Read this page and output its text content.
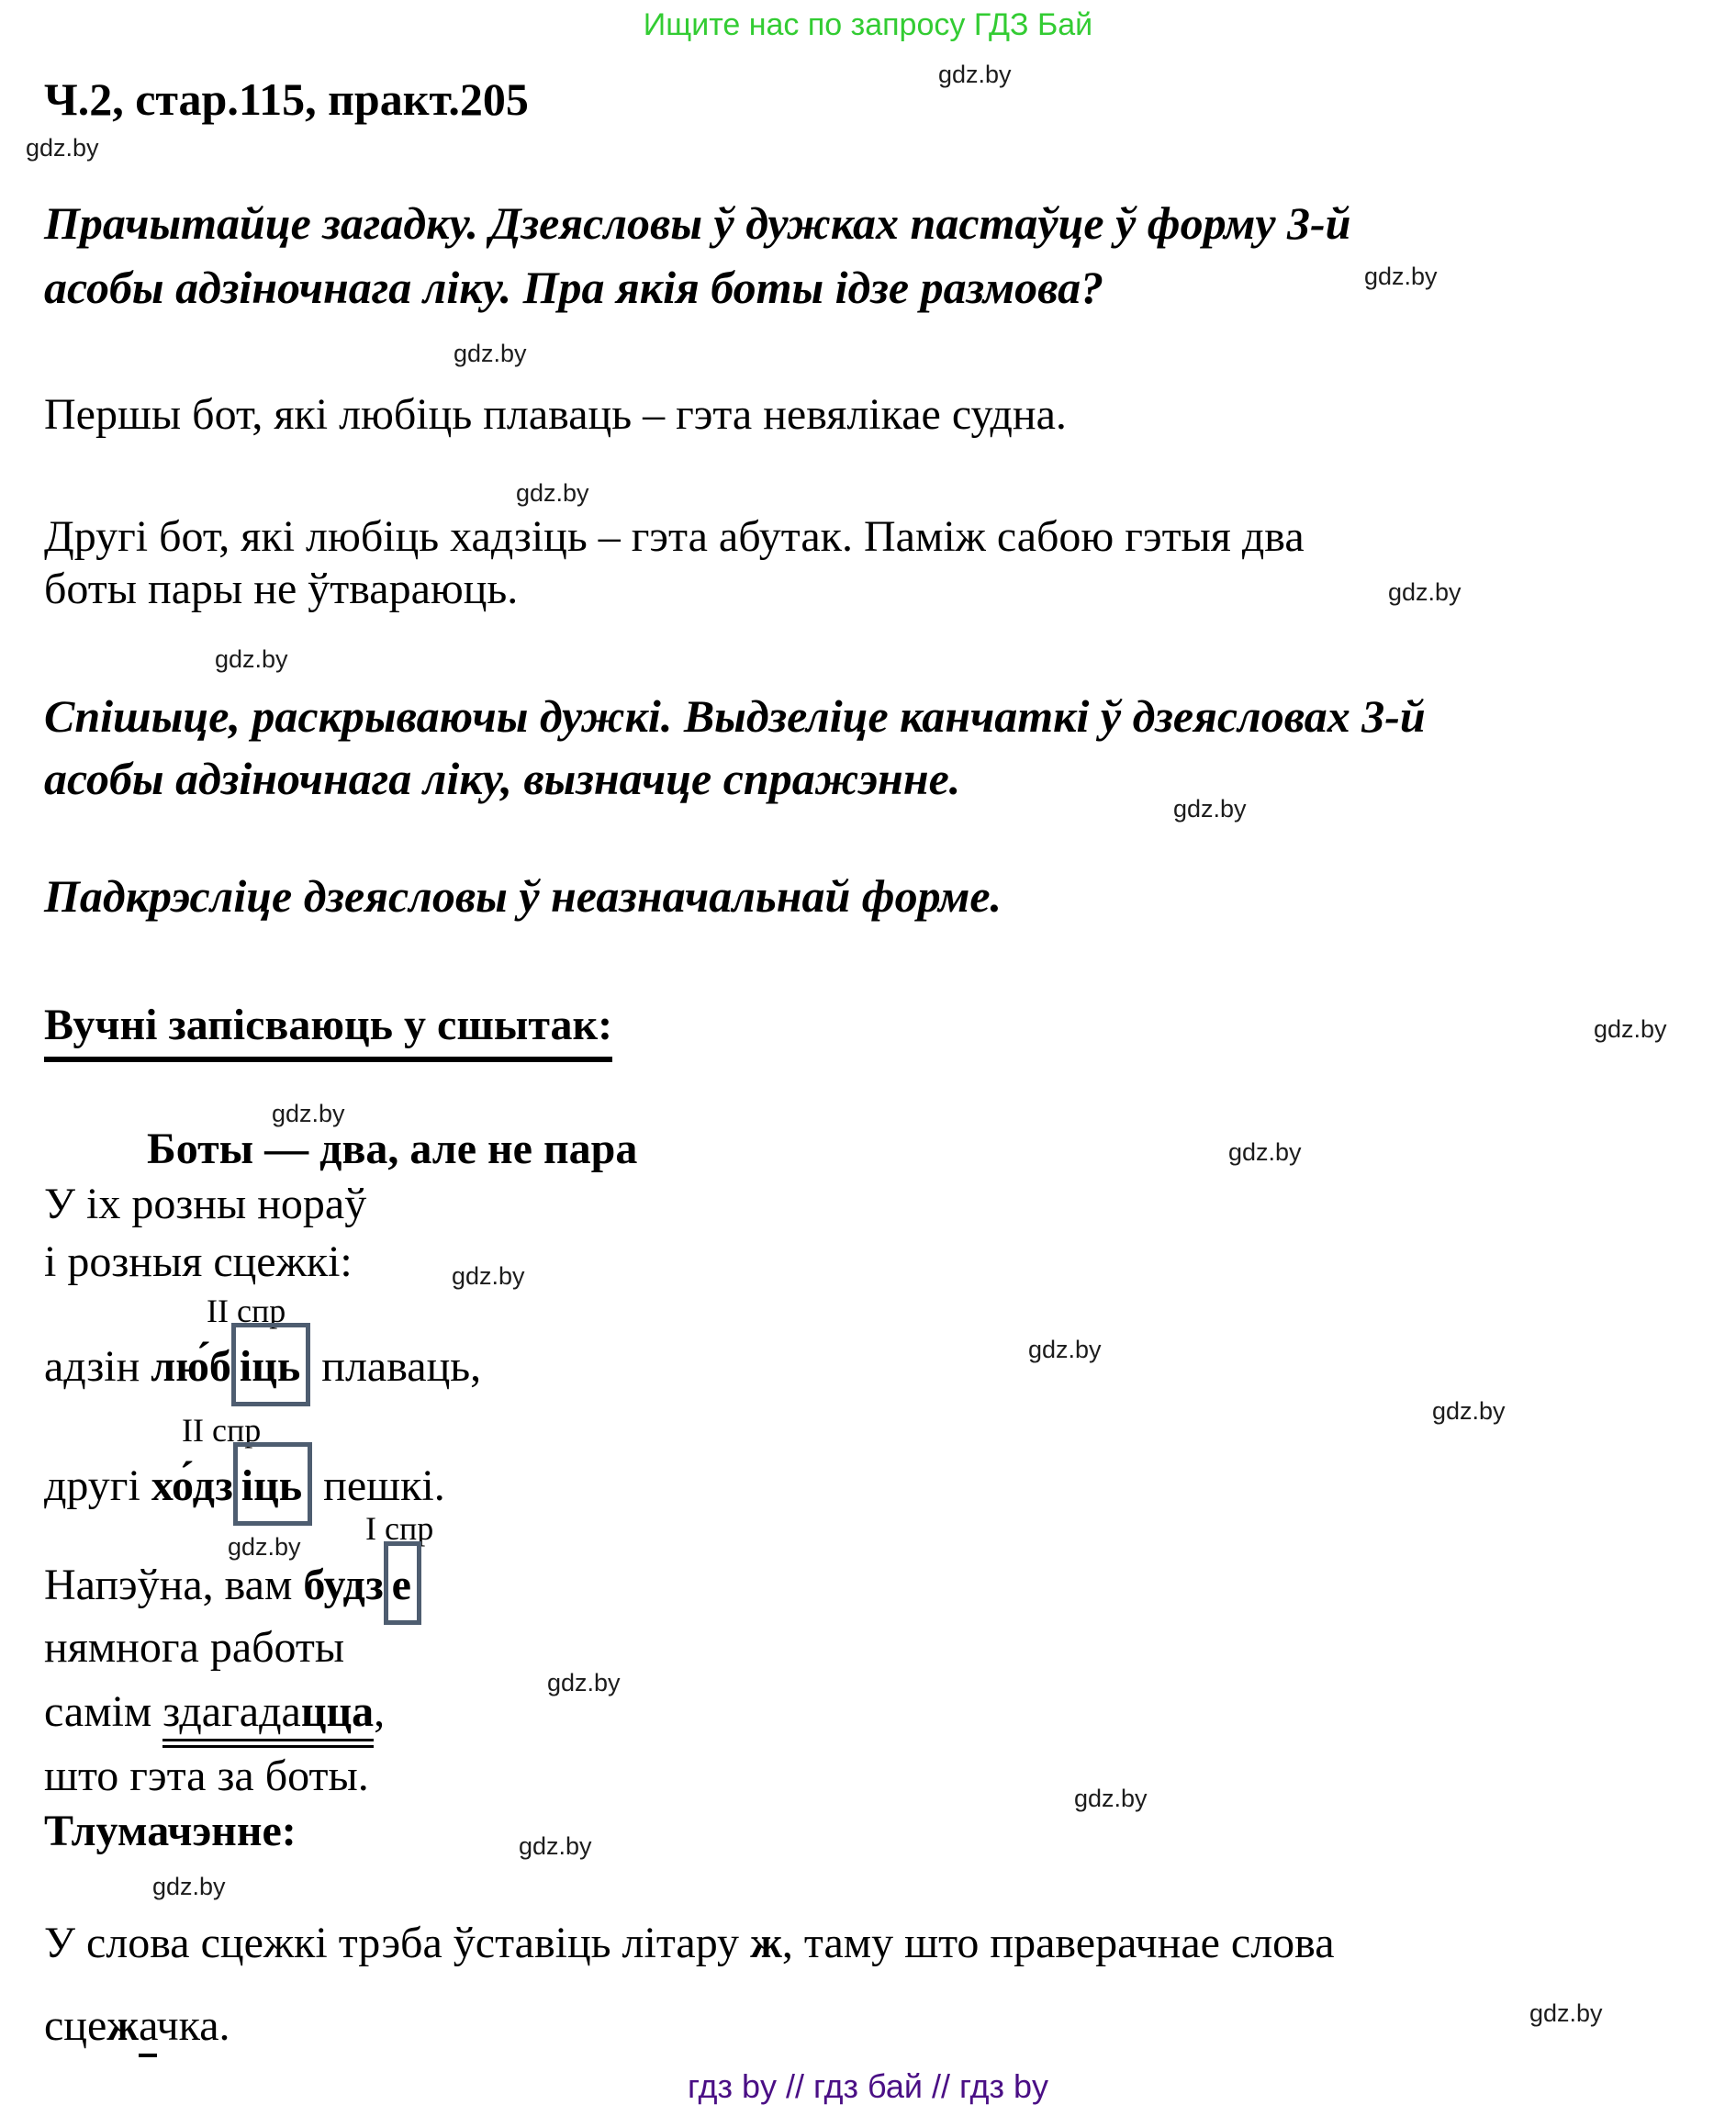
Ищите нас по запросу ГДЗ Бай
gdz.by
gdz.by
gdz.by
gdz.by
gdz.by
gdz.by
gdz.by
gdz.by
gdz.by
gdz.by
gdz.by
gdz.by
gdz.by
gdz.by
gdz.by
gdz.by
gdz.by
gdz.by
gdz.by
gdz.by
Ч.2, стар.115, практ.205
Прачытайце загадку. Дзеясловы ў дужках пастаўце ў форму 3-й
асобы адзіночнага ліку. Пра якія боты ідзе размова?
Першы бот, які любіць плаваць – гэта невялікае судна.
Другі бот, які любіць хадзіць – гэта абутак. Паміж сабою гэтыя два
боты пары не ўтвараюць.
Спішыце, раскрываючы дужкі. Выдзеліце канчаткі ў дзеясловах 3-й
асобы адзіночнага ліку, вызначце спражэнне.
Падкрэсліце дзеясловы ў неазначальнай форме.
Вучні запісваюць у сшытак:
Боты — два, але не пара
У іх розны нораў
і розныя сцежкі:
II спр
адзін лю́б іць плаваць,
II спр
другі хо́дз іць пешкі.
I спр
Напэўна, вам будз е
нямнога работы
самім здагадацца,
што гэта за боты.
Тлумачэнне:
У слова сцежкі трэба ўставіць літару ж, таму што праверачнае слова
сцежачка.
гдз by // гдз бай // гдз by
